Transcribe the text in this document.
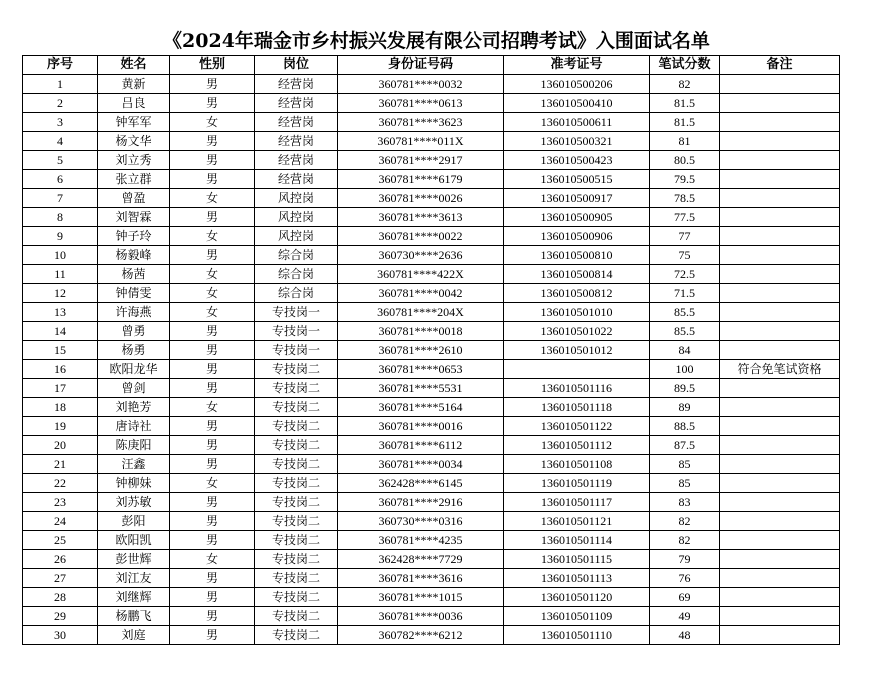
《2024年瑞金市乡村振兴发展有限公司招聘考试》入围面试名单
序号	姓名	性别	岗位	身份证号码	准考证号	笔试分数	备注
1	黄新	男	经营岗	360781****0032	136010500206	82	
2	吕良	男	经营岗	360781****0613	136010500410	81.5	
3	钟军军	女	经营岗	360781****3623	136010500611	81.5	
4	杨文华	男	经营岗	360781****011X	136010500321	81	
5	刘立秀	男	经营岗	360781****2917	136010500423	80.5	
6	张立群	男	经营岗	360781****6179	136010500515	79.5	
7	曾盈	女	风控岗	360781****0026	136010500917	78.5	
8	刘智霖	男	风控岗	360781****3613	136010500905	77.5	
9	钟子玲	女	风控岗	360781****0022	136010500906	77	
10	杨毅峰	男	综合岗	360730****2636	136010500810	75	
11	杨茜	女	综合岗	360781****422X	136010500814	72.5	
12	钟倩雯	女	综合岗	360781****0042	136010500812	71.5	
13	许海燕	女	专技岗一	360781****204X	136010501010	85.5	
14	曾勇	男	专技岗一	360781****0018	136010501022	85.5	
15	杨勇	男	专技岗一	360781****2610	136010501012	84	
16	欧阳龙华	男	专技岗二	360781****0653		100	符合免笔试资格
17	曾剑	男	专技岗二	360781****5531	136010501116	89.5	
18	刘艳芳	女	专技岗二	360781****5164	136010501118	89	
19	唐诗社	男	专技岗二	360781****0016	136010501122	88.5	
20	陈庚阳	男	专技岗二	360781****6112	136010501112	87.5	
21	汪鑫	男	专技岗二	360781****0034	136010501108	85	
22	钟柳妹	女	专技岗二	362428****6145	136010501119	85	
23	刘苏敏	男	专技岗二	360781****2916	136010501117	83	
24	彭阳	男	专技岗二	360730****0316	136010501121	82	
25	欧阳凯	男	专技岗二	360781****4235	136010501114	82	
26	彭世辉	女	专技岗二	362428****7729	136010501115	79	
27	刘江友	男	专技岗二	360781****3616	136010501113	76	
28	刘继辉	男	专技岗二	360781****1015	136010501120	69	
29	杨鹏飞	男	专技岗二	360781****0036	136010501109	49	
30	刘庭	男	专技岗二	360782****6212	136010501110	48	
